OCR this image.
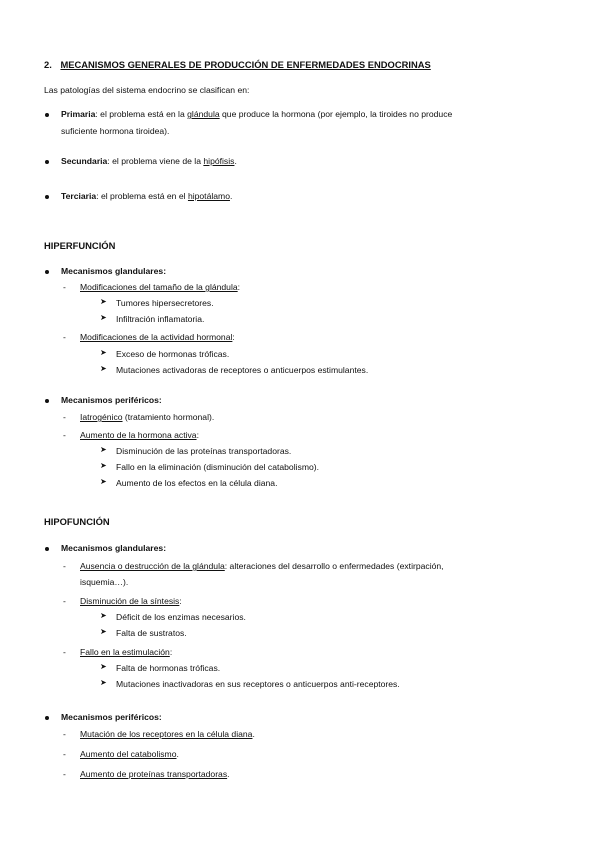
2. MECANISMOS GENERALES DE PRODUCCIÓN DE ENFERMEDADES ENDOCRINAS
Las patologías del sistema endocrino se clasifican en:
Primaria: el problema está en la glándula que produce la hormona (por ejemplo, la tiroides no produce
suficiente hormona tiroidea).
Secundaria: el problema viene de la hipófisis.
Terciaria: el problema está en el hipotálamo.
HIPERFUNCIÓN
Mecanismos glandulares:
- Modificaciones del tamaño de la glándula:
➤ Tumores hipersecretores.
➤ Infiltración inflamatoria.
- Modificaciones de la actividad hormonal:
➤ Exceso de hormonas tróficas.
➤ Mutaciones activadoras de receptores o anticuerpos estimulantes.
Mecanismos periféricos:
- Iatrogénico (tratamiento hormonal).
- Aumento de la hormona activa:
➤ Disminución de las proteínas transportadoras.
➤ Fallo en la eliminación (disminución del catabolismo).
➤ Aumento de los efectos en la célula diana.
HIPOFUNCIÓN
Mecanismos glandulares:
- Ausencia o destrucción de la glándula: alteraciones del desarrollo o enfermedades (extirpación,
isquemia…).
- Disminución de la síntesis:
➤ Déficit de los enzimas necesarios.
➤ Falta de sustratos.
- Fallo en la estimulación:
➤ Falta de hormonas tróficas.
➤ Mutaciones inactivadoras en sus receptores o anticuerpos anti-receptores.
Mecanismos periféricos:
- Mutación de los receptores en la célula diana.
- Aumento del catabolismo.
- Aumento de proteínas transportadoras.
